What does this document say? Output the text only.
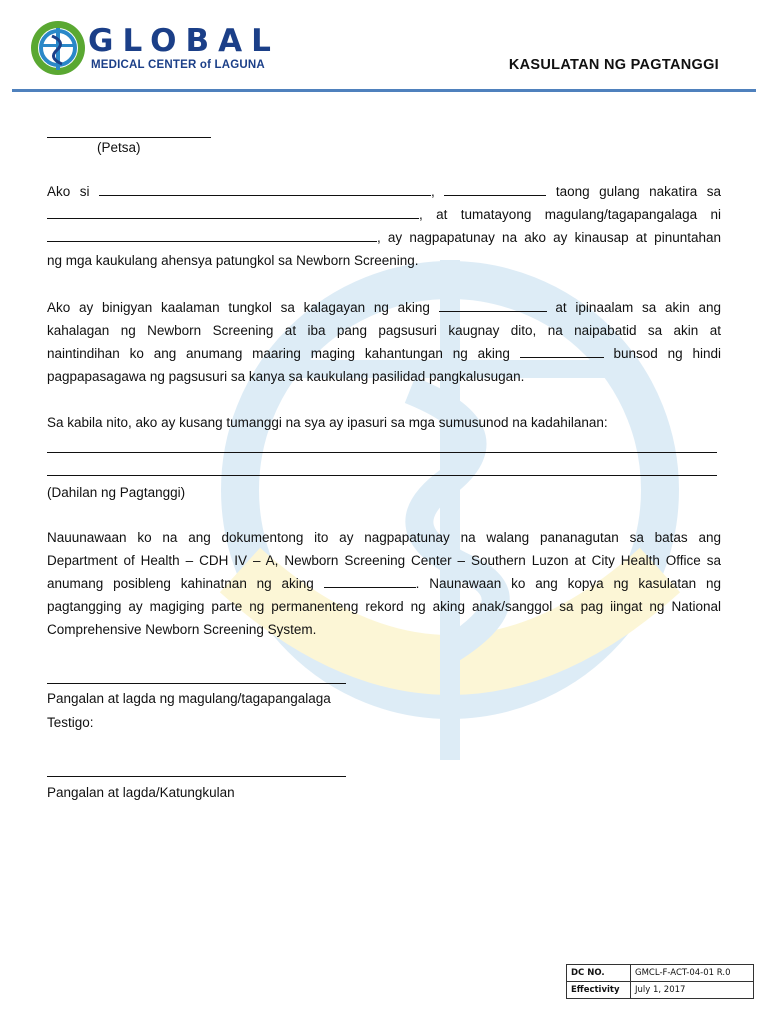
GLOBAL
MEDICAL CENTER of LAGUNA	KASULATAN NG PAGTANGGI
(Petsa)
Ako si	,	taong gulang nakatira sa
, at tumatayong magulang/tagapangalaga ni
, ay nagpapatunay na ako ay kinausap at pinuntahan
ng mga kaukulang ahensya patungkol sa Newborn Screening.
Ako ay binigyan kaalaman tungkol sa kalagayan ng aking	at ipinaalam sa akin ang
kahalagan ng Newborn Screening at iba pang pagsusuri kaugnay dito, na naipabatid sa akin at
naintindihan ko ang anumang maaring maging kahantungan ng aking	bunsod ng hindi
pagpapasagawa ng pagsusuri sa kanya sa kaukulang pasilidad pangkalusugan.
Sa kabila nito, ako ay kusang tumanggi na sya ay ipasuri sa mga sumusunod na kadahilanan:
(Dahilan ng Pagtanggi)
Nauunawaan ko na ang dokumentong ito ay nagpapatunay na walang pananagutan sa batas ang
Department of Health – CDH IV – A, Newborn Screening Center – Southern Luzon at City Health Office sa
anumang posibleng kahinatnan ng aking	. Naunawaan ko ang kopya ng kasulatan ng
pagtangging ay magiging parte ng permanenteng rekord ng aking anak/sanggol sa pag iingat ng National
Comprehensive Newborn Screening System.
Pangalan at lagda ng magulang/tagapangalaga
Testigo:
Pangalan at lagda/Katungkulan
DC NO.	GMCL-F-ACT-04-01 R.0
Effectivity	July 1, 2017
